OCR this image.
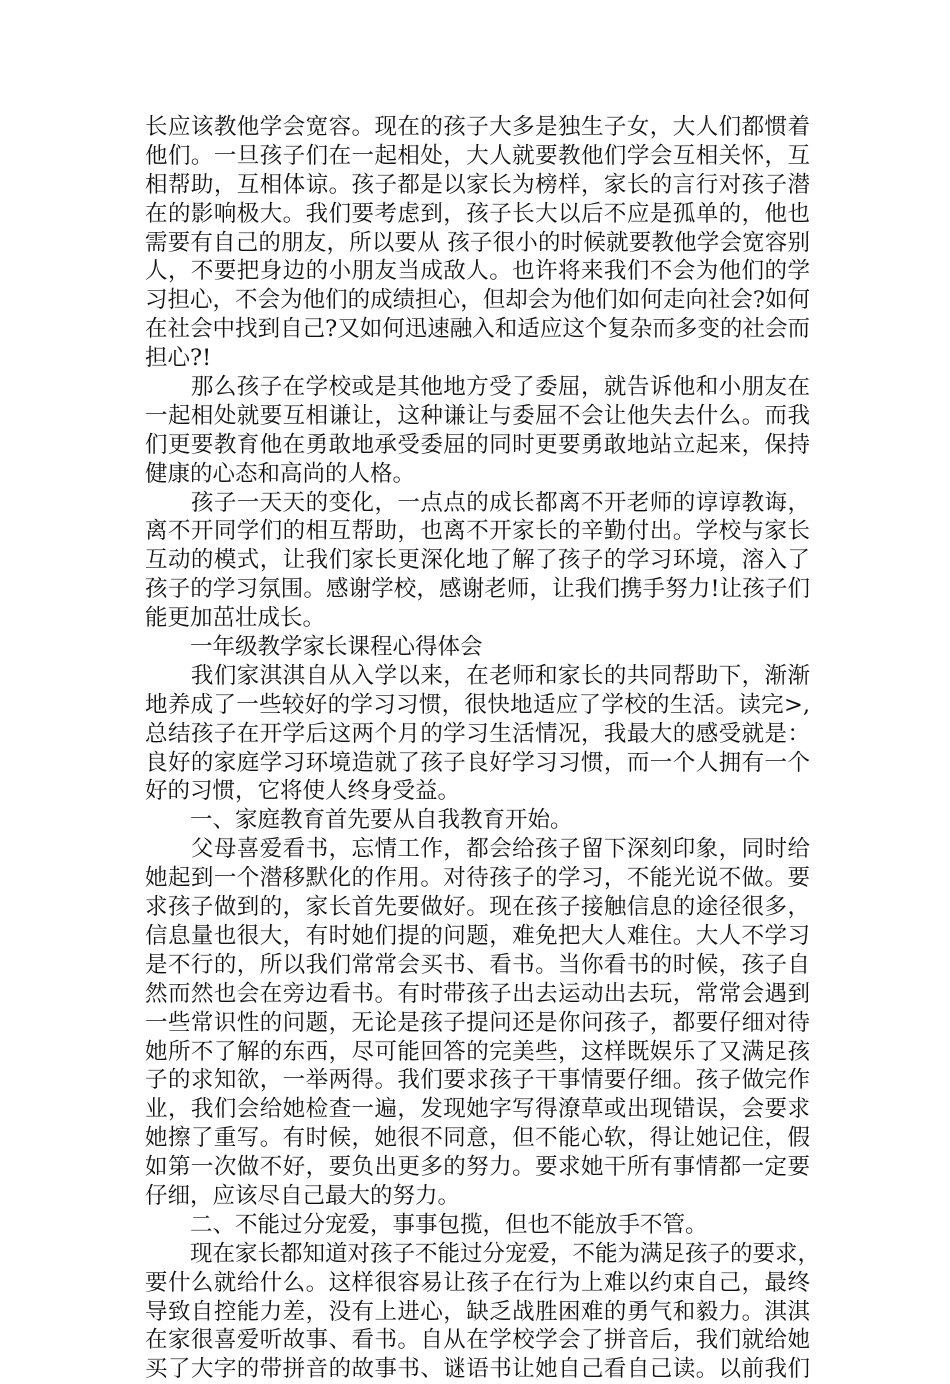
长应该教他学会宽容。现在的孩子大多是独生子女，大人们都惯着
他们。一旦孩子们在一起相处，大人就要教他们学会互相关怀，互
相帮助，互相体谅。孩子都是以家长为榜样，家长的言行对孩子潜
在的影响极大。我们要考虑到，孩子长大以后不应是孤单的，他也
需要有自己的朋友，所以要从 孩子很小的时候就要教他学会宽容别
人，不要把身边的小朋友当成敌人。也许将来我们不会为他们的学
习担心，不会为他们的成绩担心，但却会为他们如何走向社会?如何
在社会中找到自己?又如何迅速融入和适应这个复杂而多变的社会而
担心?!
　　那么孩子在学校或是其他地方受了委屈，就告诉他和小朋友在
一起相处就要互相谦让，这种谦让与委屈不会让他失去什么。而我
们更要教育他在勇敢地承受委屈的同时更要勇敢地站立起来，保持
健康的心态和高尚的人格。
　　孩子一天天的变化，一点点的成长都离不开老师的谆谆教诲，
离不开同学们的相互帮助，也离不开家长的辛勤付出。学校与家长
互动的模式，让我们家长更深化地了解了孩子的学习环境，溶入了
孩子的学习氛围。感谢学校，感谢老师，让我们携手努力!让孩子们
能更加茁壮成长。
　　一年级教学家长课程心得体会
　　我们家淇淇自从入学以来，在老师和家长的共同帮助下，渐渐
地养成了一些较好的学习习惯，很快地适应了学校的生活。读完>,
总结孩子在开学后这两个月的学习生活情况，我最大的感受就是：
良好的家庭学习环境造就了孩子良好学习习惯，而一个人拥有一个
好的习惯，它将使人终身受益。
　　一、家庭教育首先要从自我教育开始。
　　父母喜爱看书，忘情工作，都会给孩子留下深刻印象，同时给
她起到一个潜移默化的作用。对待孩子的学习，不能光说不做。要
求孩子做到的，家长首先要做好。现在孩子接触信息的途径很多，
信息量也很大，有时她们提的问题，难免把大人难住。大人不学习
是不行的，所以我们常常会买书、看书。当你看书的时候，孩子自
然而然也会在旁边看书。有时带孩子出去运动出去玩，常常会遇到
一些常识性的问题，无论是孩子提问还是你问孩子，都要仔细对待
她所不了解的东西，尽可能回答的完美些，这样既娱乐了又满足孩
子的求知欲，一举两得。我们要求孩子干事情要仔细。孩子做完作
业，我们会给她检查一遍，发现她字写得潦草或出现错误，会要求
她擦了重写。有时候，她很不同意，但不能心软，得让她记住，假
如第一次做不好，要负出更多的努力。要求她干所有事情都一定要
仔细，应该尽自己最大的努力。
　　二、不能过分宠爱，事事包揽，但也不能放手不管。
　　现在家长都知道对孩子不能过分宠爱，不能为满足孩子的要求，
要什么就给什么。这样很容易让孩子在行为上难以约束自己，最终
导致自控能力差，没有上进心，缺乏战胜困难的勇气和毅力。淇淇
在家很喜爱听故事、看书。自从在学校学会了拼音后，我们就给她
买了大字的带拼音的故事书、谜语书让她自己看自己读。以前我们
